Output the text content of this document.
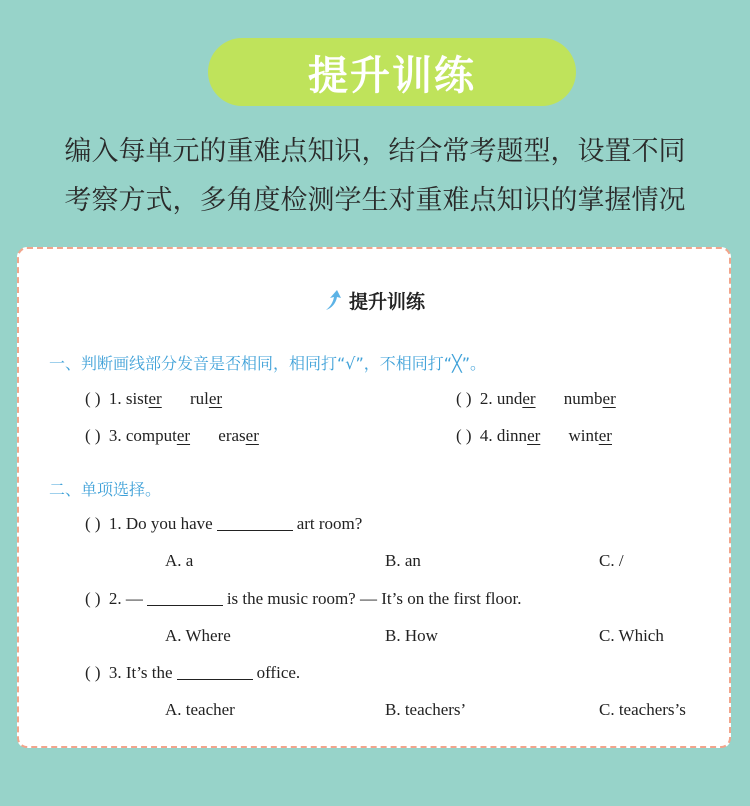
提升训练
编入每单元的重难点知识，结合常考题型，设置不同
考察方式，多角度检测学生对重难点知识的掌握情况
提升训练
一、判断画线部分发音是否相同，相同打“√”，不相同打“╳”。
( ) 1. sister ruler	( ) 2. under number
( ) 3. computer eraser	( ) 4. dinner winter
二、单项选择。
( ) 1. Do you have	art room?
A. a	B. an	C. /
( ) 2. —	is the music room? — It’s on the first floor.
A. Where	B. How	C. Which
( ) 3. It’s the	office.
A. teacher	B. teachers’	C. teachers’s
